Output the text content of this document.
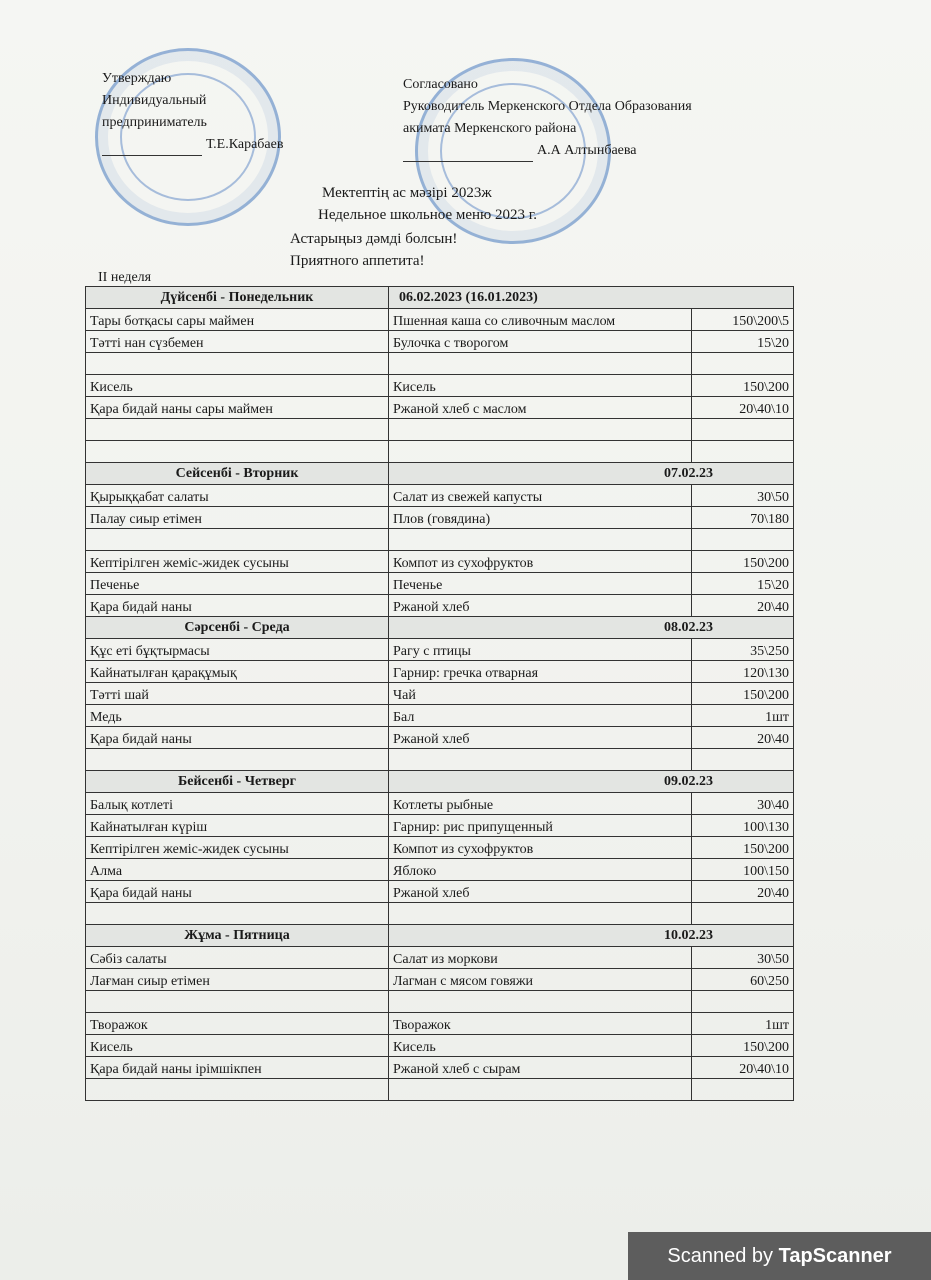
Утверждаю
Индивидуальный
предприниматель
Т.Е.Карабаев
Согласовано
Руководитель Меркенского Отдела Образования
акимата Меркенского района
А.А Алтынбаева
Мектептің ас мәзірі 2023ж
Недельное школьное меню 2023 г.
Астарыңыз дәмді болсын!
Приятного аппетита!
II неделя
Дүйсенбі - Понедельник	06.02.2023 (16.01.2023)	
Тары ботқасы сары маймен	Пшенная каша со сливочным маслом	150\200\5
Тәтті нан сүзбемен	Булочка с творогом	15\20

Кисель	Кисель	150\200
Қара бидай наны сары маймен	Ржаной хлеб с маслом	20\40\10

Сейсенбі - Вторник	07.02.23	
Қырыққабат салаты	Салат из свежей капусты	30\50
Палау сиыр етімен	Плов (говядина)	70\180

Кептірілген жеміс-жидек сусыны	Компот из сухофруктов	150\200
Печенье	Печенье	15\20
Қара бидай наны	Ржаной хлеб	20\40
Сәрсенбі - Среда	08.02.23	
Құс еті бұқтырмасы	Рагу с птицы	35\250
Кайнатылған қарақұмық	Гарнир: гречка отварная	120\130
Тәтті шай	Чай	150\200
Медь	Бал	1шт
Қара бидай наны	Ржаной хлеб	20\40

Бейсенбі - Четверг	09.02.23	
Балық котлеті	Котлеты рыбные	30\40
Кайнатылған күріш	Гарнир: рис припущенный	100\130
Кептірілген жеміс-жидек сусыны	Компот из сухофруктов	150\200
Алма	Яблоко	100\150
Қара бидай наны	Ржаной хлеб	20\40

Жұма - Пятница	10.02.23	
Сәбіз салаты	Салат из моркови	30\50
Лағман сиыр етімен	Лагман с мясом говяжи	60\250

Творажок	Творажок	1шт
Кисель	Кисель	150\200
Қара бидай наны ірімшікпен	Ржаной хлеб с сырам	20\40\10

Scanned by TapScanner
